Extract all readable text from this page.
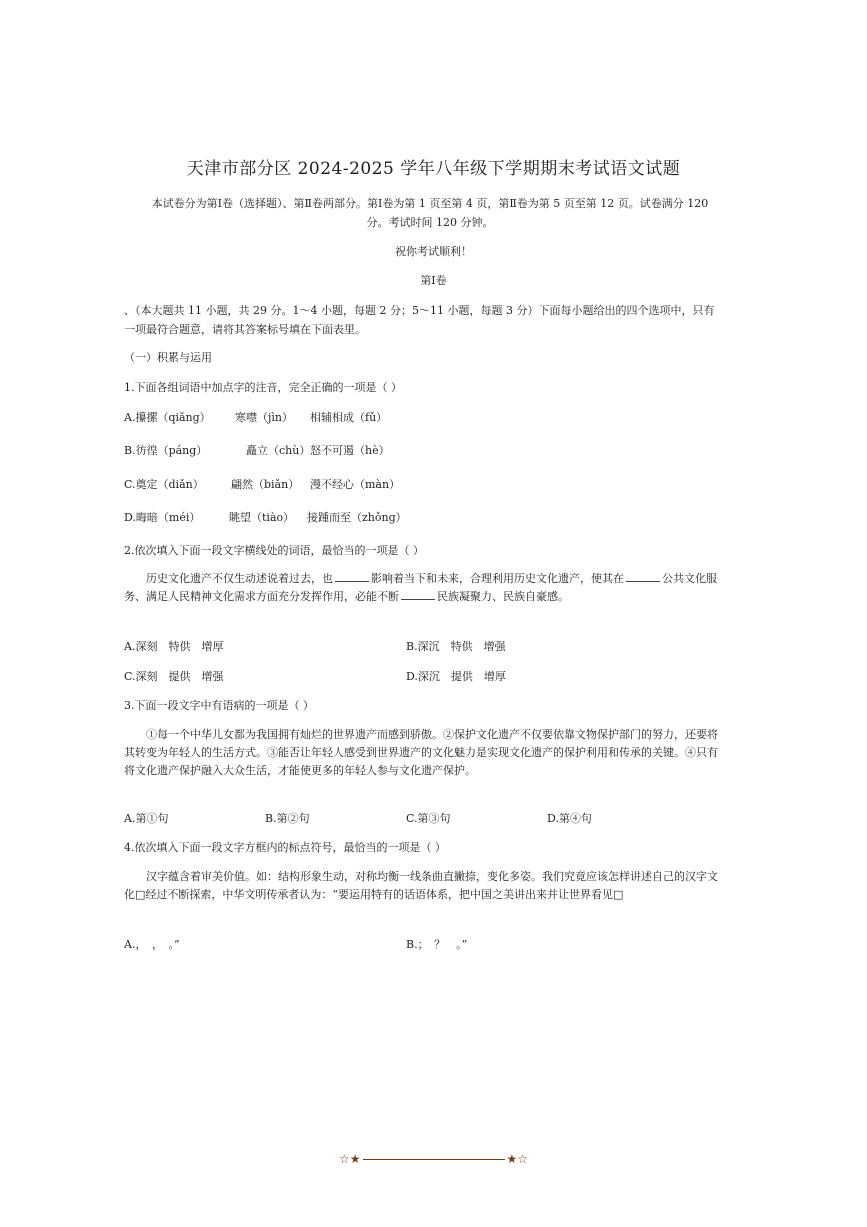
天津市部分区 2024-2025 学年八年级下学期期末考试语文试题
本试卷分为第Ⅰ卷（选择题）、第Ⅱ卷两部分。第Ⅰ卷为第 1 页至第 4 页，第Ⅱ卷为第 5 页至第 12 页。试卷满分 120 分。考试时间 120 分钟。
祝你考试顺利！
第Ⅰ卷
、（本大题共 11 小题，共 29 分。1～4 小题，每题 2 分；5～11 小题，每题 3 分）下面每小题给出的四个选项中，只有一项最符合题意，请将其答案标号填在下面表里。
（一）积累与运用
1.下面各组词语中加点字的注音，完全正确的一项是（ ）
A.攥摞（qiǎng） 寒噤（jìn） 相辅相成（fǔ）
B.彷徨（páng）	矗立（chù） 怒不可遏（hè）
C.奠定（diǎn） 翩然（biǎn） 漫不经心（màn）
D.晦暗（méi）	眺望（tiào） 接踵而至（zhǒng）
2.依次填入下面一段文字横线处的词语，最恰当的一项是（ ）
历史文化遗产不仅生动述说着过去，也	影响着当下和未来，合理利用历史文化遗产，使其在	公共文化服务、满足人民精神文化需求方面充分发挥作用，必能不断	民族凝聚力、民族自豪感。
A.深刻　特供　增厚	B.深沉　特供　增强
C.深刻　提供　增强	D.深沉　提供　增厚
3.下面一段文字中有语病的一项是（ ）
①每一个中华儿女都为我国拥有灿烂的世界遗产而感到骄傲。②保护文化遗产不仅要依靠文物保护部门的努力，还要将其转变为年轻人的生活方式。③能否让年轻人感受到世界遗产的文化魅力是实现文化遗产的保护利用和传承的关键。④只有将文化遗产保护融入大众生活，才能使更多的年轻人参与文化遗产保护。
A.第①句	B.第②句	C.第③句	D.第④句
4.依次填入下面一段文字方框内的标点符号，最恰当的一项是（ ）
汉字蕴含着审美价值。如：结构形象生动，对称均衡一线条曲直撇捺，变化多姿。我们究竟应该怎样讲述自己的汉字文化□经过不断探索，中华文明传承者认为：“要运用特有的话语体系，把中国之美讲出来并让世界看见□
A.，　，　。”	B.；　？　。”
☆★	★☆
